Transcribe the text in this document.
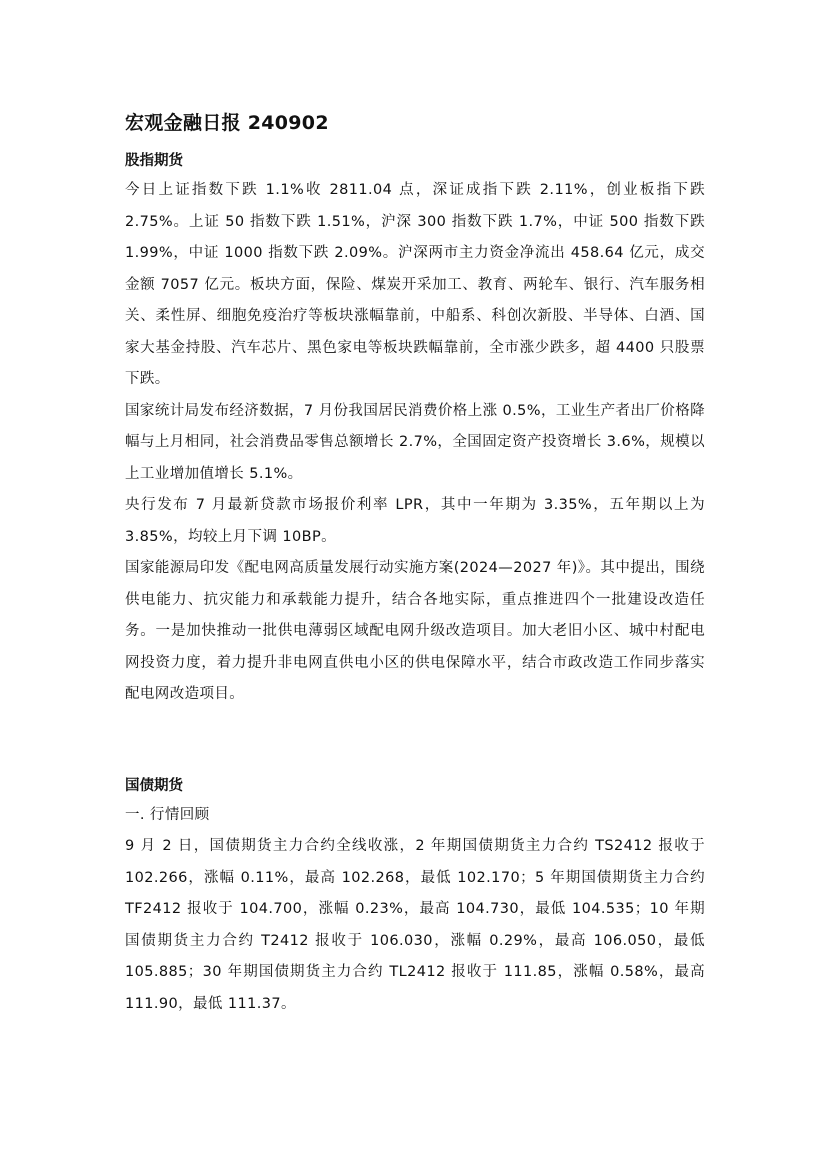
宏观金融日报 240902
股指期货

今日上证指数下跌 1.1%收 2811.04 点，深证成指下跌 2.11%，创业板指下跌 2.75%。上证 50 指数下跌 1.51%，沪深 300 指数下跌 1.7%，中证 500 指数下跌 1.99%，中证 1000 指数下跌 2.09%。沪深两市主力资金净流出 458.64 亿元，成交金额 7057 亿元。板块方面，保险、煤炭开采加工、教育、两轮车、银行、汽车服务相关、柔性屏、细胞免疫治疗等板块涨幅靠前，中船系、科创次新股、半导体、白酒、国家大基金持股、汽车芯片、黑色家电等板块跌幅靠前，全市涨少跌多，超 4400 只股票下跌。

国家统计局发布经济数据，7 月份我国居民消费价格上涨 0.5%，工业生产者出厂价格降幅与上月相同，社会消费品零售总额增长 2.7%，全国固定资产投资增长 3.6%，规模以上工业增加值增长 5.1%。

央行发布 7 月最新贷款市场报价利率 LPR，其中一年期为 3.35%，五年期以上为 3.85%，均较上月下调 10BP。

国家能源局印发《配电网高质量发展行动实施方案(2024—2027 年)》。其中提出，围绕供电能力、抗灾能力和承载能力提升，结合各地实际，重点推进四个一批建设改造任务。一是加快推动一批供电薄弱区域配电网升级改造项目。加大老旧小区、城中村配电网投资力度，着力提升非电网直供电小区的供电保障水平，结合市政改造工作同步落实配电网改造项目。

国债期货

一. 行情回顾

9 月 2 日，国债期货主力合约全线收涨，2 年期国债期货主力合约 TS2412 报收于 102.266，涨幅 0.11%，最高 102.268，最低 102.170；5 年期国债期货主力合约 TF2412 报收于 104.700，涨幅 0.23%，最高 104.730，最低 104.535；10 年期国债期货主力合约 T2412 报收于 106.030，涨幅 0.29%，最高 106.050，最低 105.885；30 年期国债期货主力合约 TL2412 报收于 111.85，涨幅 0.58%，最高 111.90，最低 111.37。
